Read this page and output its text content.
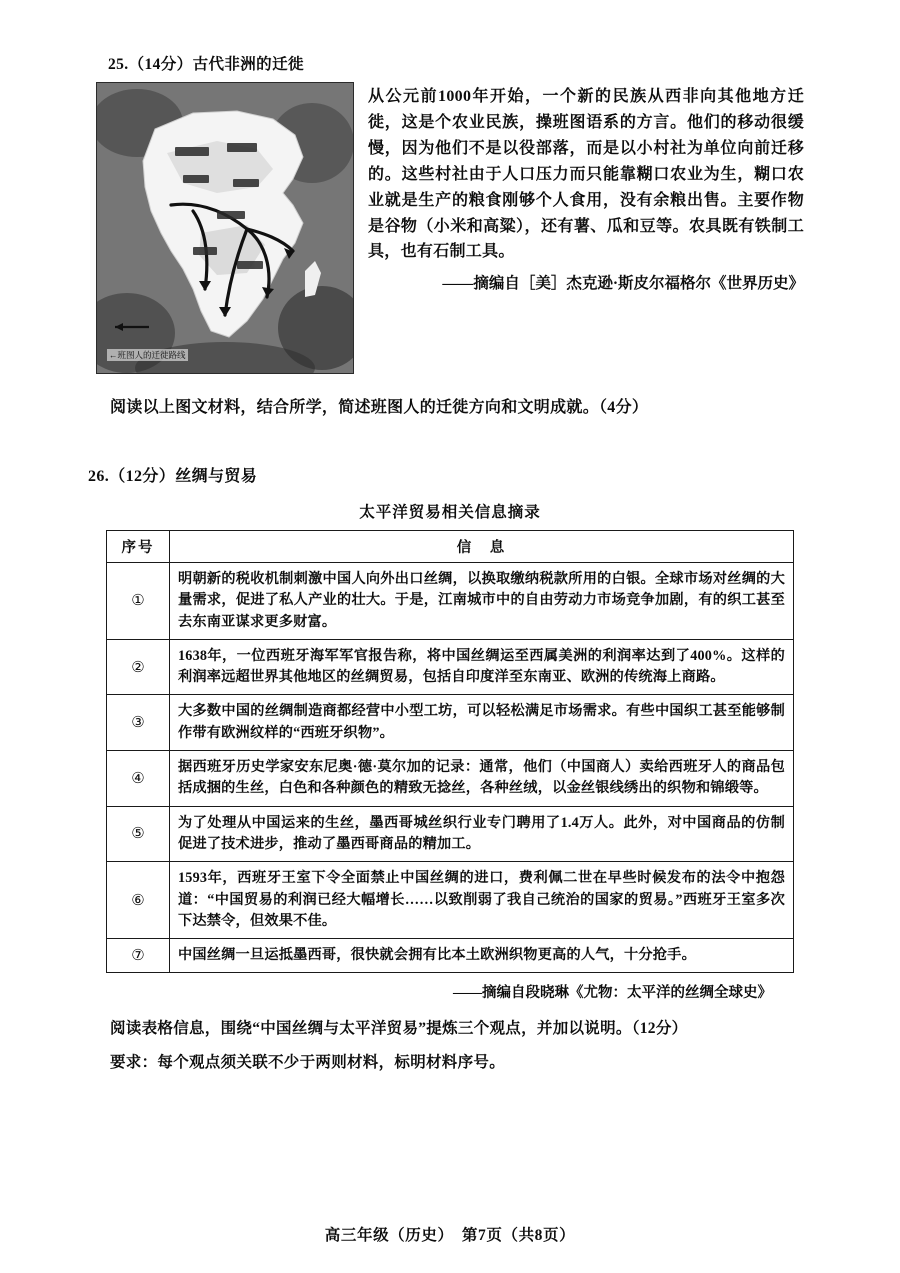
25.（14分）古代非洲的迁徙
←班图人的迁徙路线

从公元前1000年开始，一个新的民族从西非向其他地方迁徙，这是个农业民族，操班图语系的方言。他们的移动很缓慢，因为他们不是以役部落，而是以小村社为单位向前迁移的。这些村社由于人口压力而只能靠糊口农业为生，糊口农业就是生产的粮食刚够个人食用，没有余粮出售。主要作物是谷物（小米和高粱），还有薯、瓜和豆等。农具既有铁制工具，也有石制工具。

——摘编自［美］杰克逊·斯皮尔福格尔《世界历史》

阅读以上图文材料，结合所学，简述班图人的迁徙方向和文明成就。（4分）

26.（12分）丝绸与贸易
太平洋贸易相关信息摘录
序号	信　息
①	明朝新的税收机制刺激中国人向外出口丝绸，以换取缴纳税款所用的白银。全球市场对丝绸的大量需求，促进了私人产业的壮大。于是，江南城市中的自由劳动力市场竞争加剧，有的织工甚至去东南亚谋求更多财富。
②	1638年，一位西班牙海军军官报告称，将中国丝绸运至西属美洲的利润率达到了400%。这样的利润率远超世界其他地区的丝绸贸易，包括自印度洋至东南亚、欧洲的传统海上商路。
③	大多数中国的丝绸制造商都经营中小型工坊，可以轻松满足市场需求。有些中国织工甚至能够制作带有欧洲纹样的“西班牙织物”。
④	据西班牙历史学家安东尼奥·德·莫尔加的记录：通常，他们（中国商人）卖给西班牙人的商品包括成捆的生丝，白色和各种颜色的精致无捻丝，各种丝绒，以金丝银线绣出的织物和锦缎等。
⑤	为了处理从中国运来的生丝，墨西哥城丝织行业专门聘用了1.4万人。此外，对中国商品的仿制促进了技术进步，推动了墨西哥商品的精加工。
⑥	1593年，西班牙王室下令全面禁止中国丝绸的进口，费利佩二世在早些时候发布的法令中抱怨道：“中国贸易的利润已经大幅增长……以致削弱了我自己统治的国家的贸易。”西班牙王室多次下达禁令，但效果不佳。
⑦	中国丝绸一旦运抵墨西哥，很快就会拥有比本土欧洲织物更高的人气，十分抢手。

——摘编自段晓琳《尤物：太平洋的丝绸全球史》

阅读表格信息，围绕“中国丝绸与太平洋贸易”提炼三个观点，并加以说明。（12分）

要求：每个观点须关联不少于两则材料，标明材料序号。

高三年级（历史）　第7页（共8页）
